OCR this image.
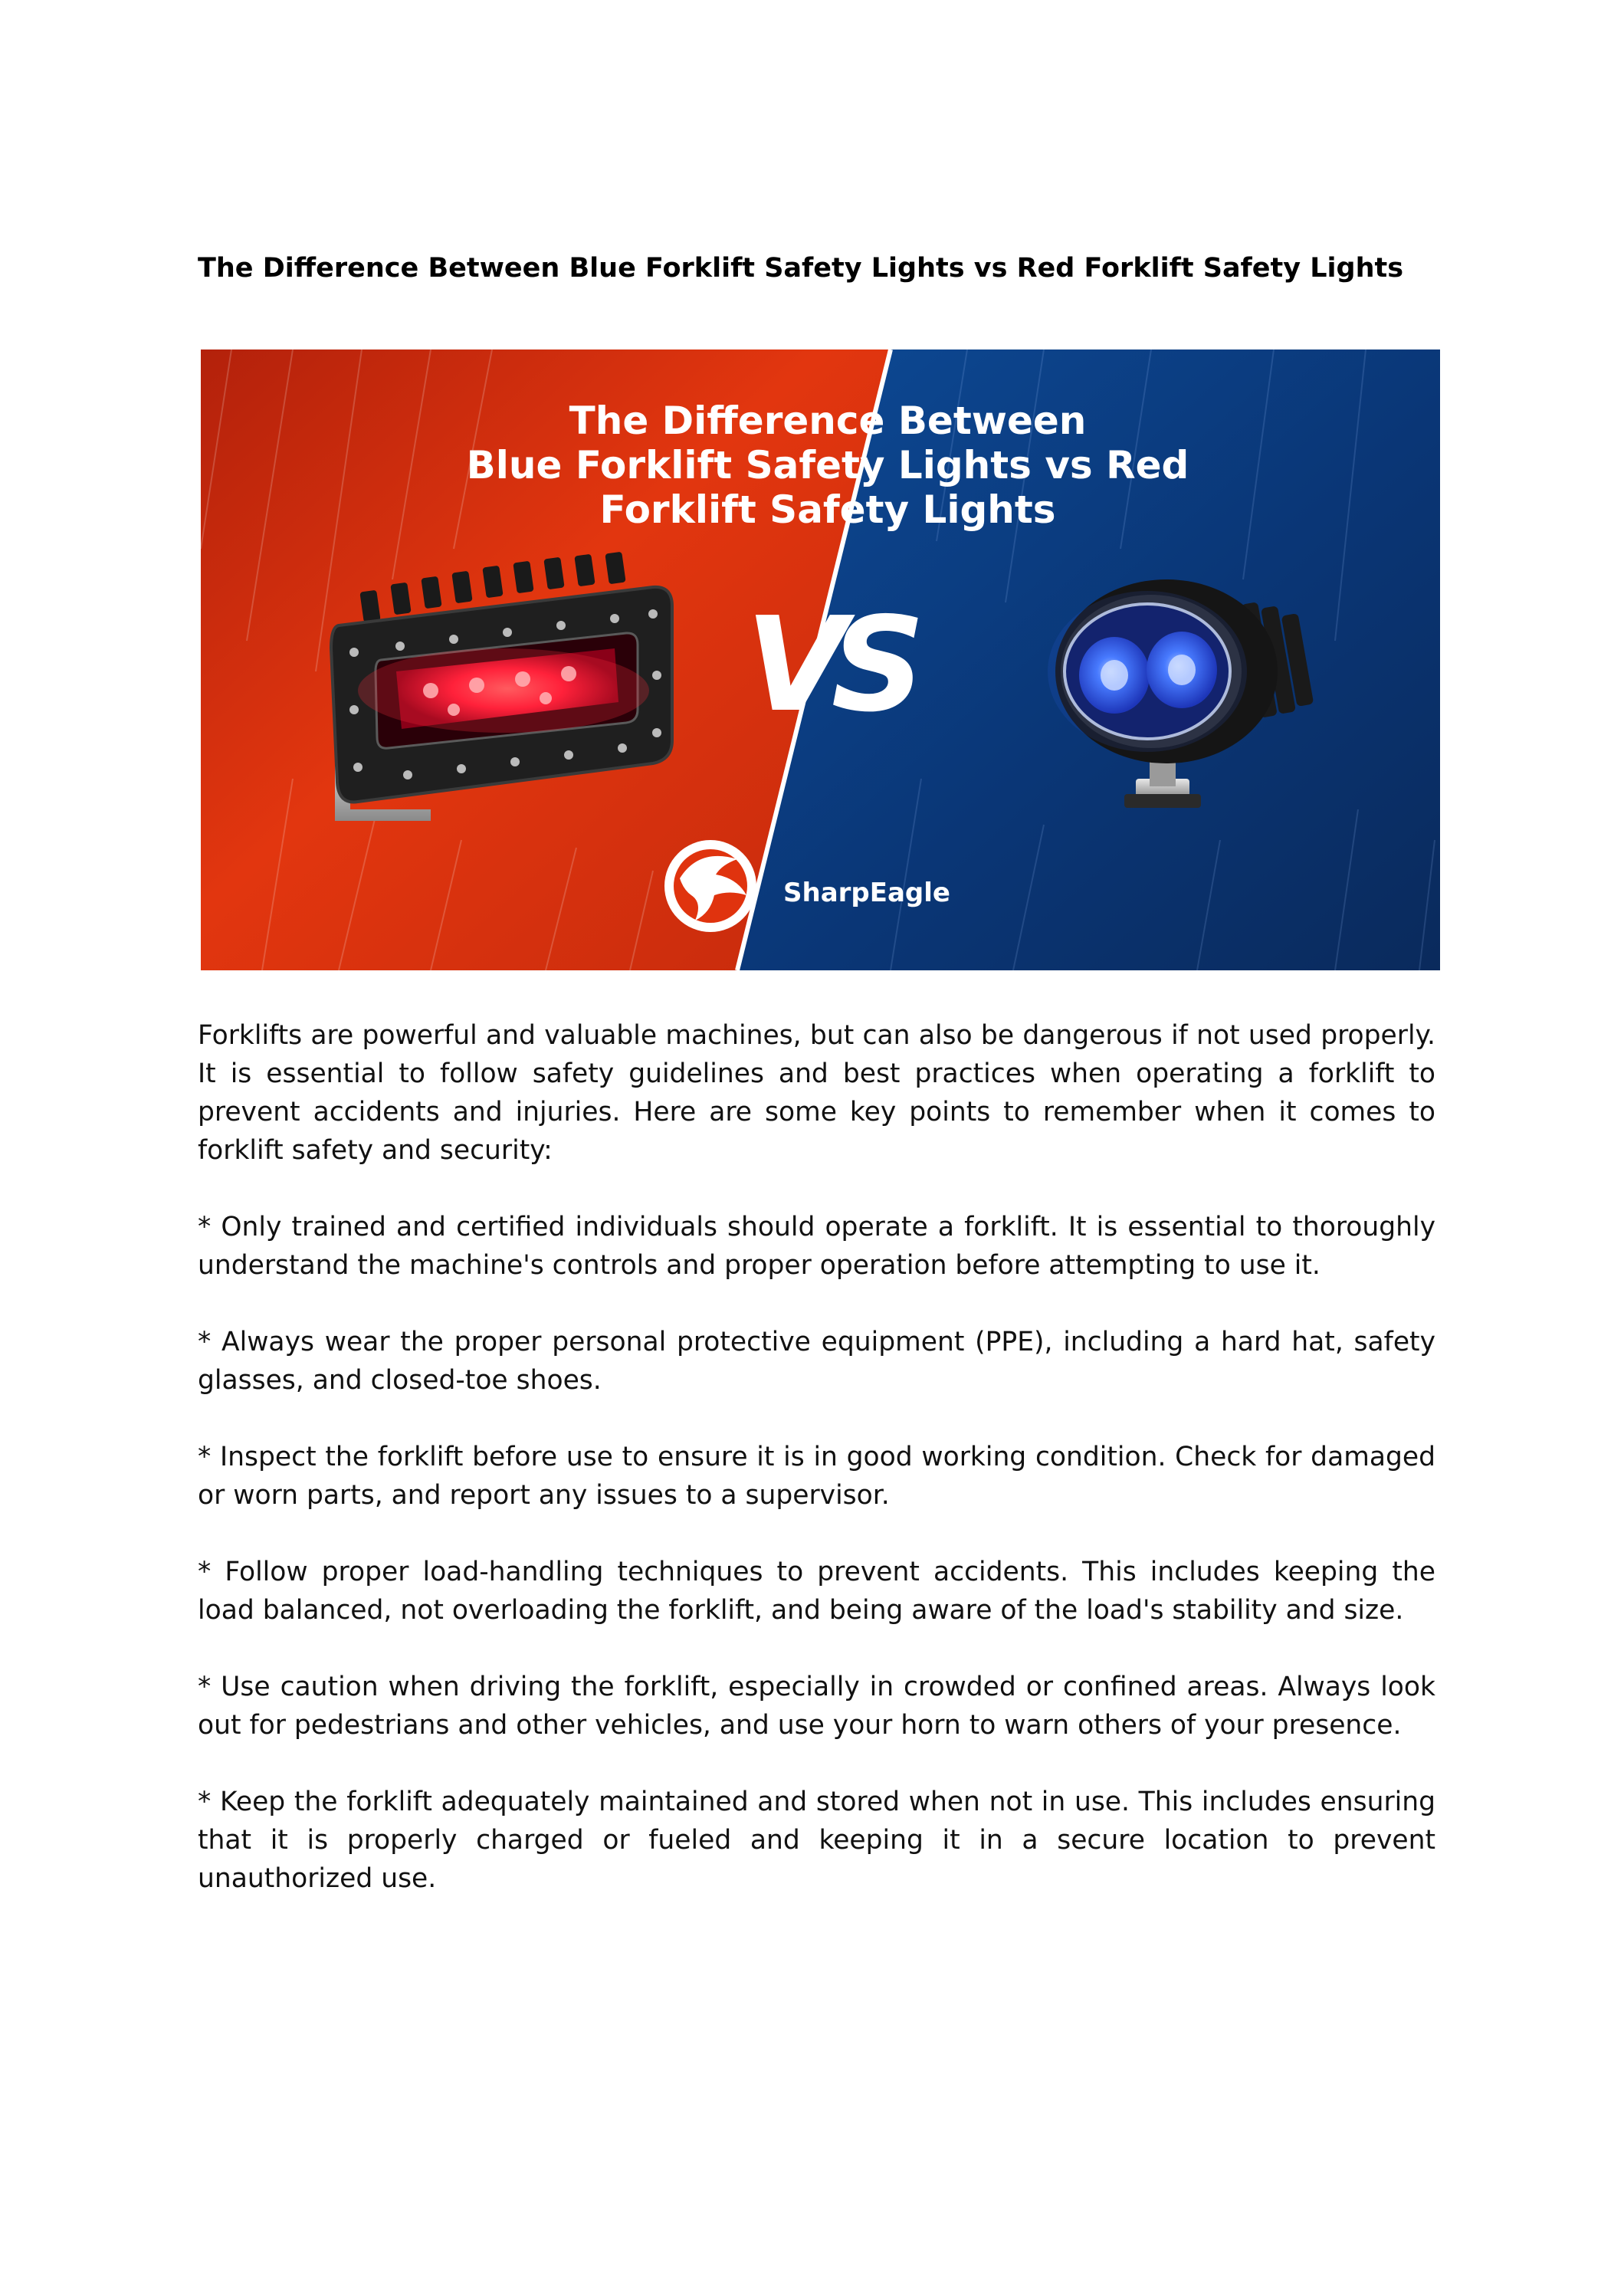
The Difference Between Blue Forklift Safety Lights vs Red Forklift Safety Lights
The Difference Between
Blue Forklift Safety Lights vs Red
Forklift Safety Lights
VS
SharpEagle

Forklifts are powerful and valuable machines, but can also be dangerous if not used properly. It is essential to follow safety guidelines and best practices when operating a forklift to prevent accidents and injuries. Here are some key points to remember when it comes to forklift safety and security:

* Only trained and certified individuals should operate a forklift. It is essential to thoroughly understand the machine's controls and proper operation before attempting to use it.

* Always wear the proper personal protective equipment (PPE), including a hard hat, safety glasses, and closed-toe shoes.

* Inspect the forklift before use to ensure it is in good working condition. Check for damaged or worn parts, and report any issues to a supervisor.

* Follow proper load-handling techniques to prevent accidents. This includes keeping the load balanced, not overloading the forklift, and being aware of the load's stability and size.

* Use caution when driving the forklift, especially in crowded or confined areas. Always look out for pedestrians and other vehicles, and use your horn to warn others of your presence.

* Keep the forklift adequately maintained and stored when not in use. This includes ensuring that it is properly charged or fueled and keeping it in a secure location to prevent unauthorized use.
